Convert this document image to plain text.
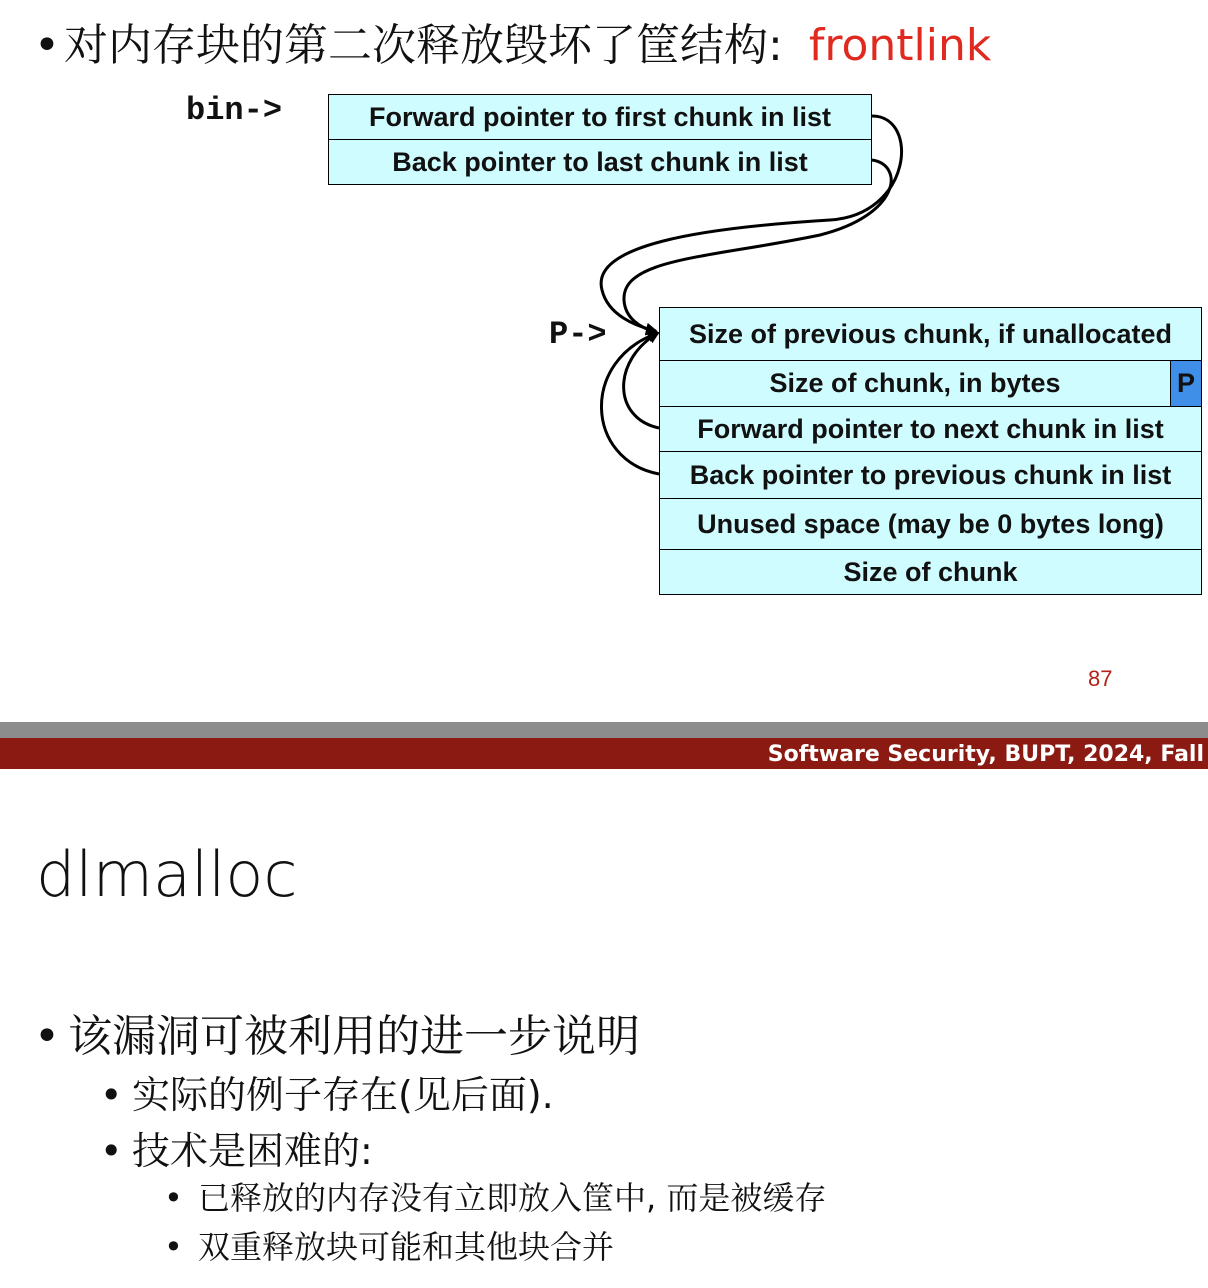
•对内存块的第二次释放毁坏了筐结构: frontlink
bin->
P->
Forward pointer to first chunk in list
Back pointer to last chunk in list
Size of previous chunk, if unallocated
Size of chunk, in bytes	P
Forward pointer to next chunk in list
Back pointer to previous chunk in list
Unused space (may be 0 bytes long)
Size of chunk
87
Software Security, BUPT, 2024, Fall
dlmalloc
• 该漏洞可被利用的进一步说明
• 实际的例子存在(见后面).
• 技术是困难的:
• 已释放的内存没有立即放入筐中, 而是被缓存
• 双重释放块可能和其他块合并
